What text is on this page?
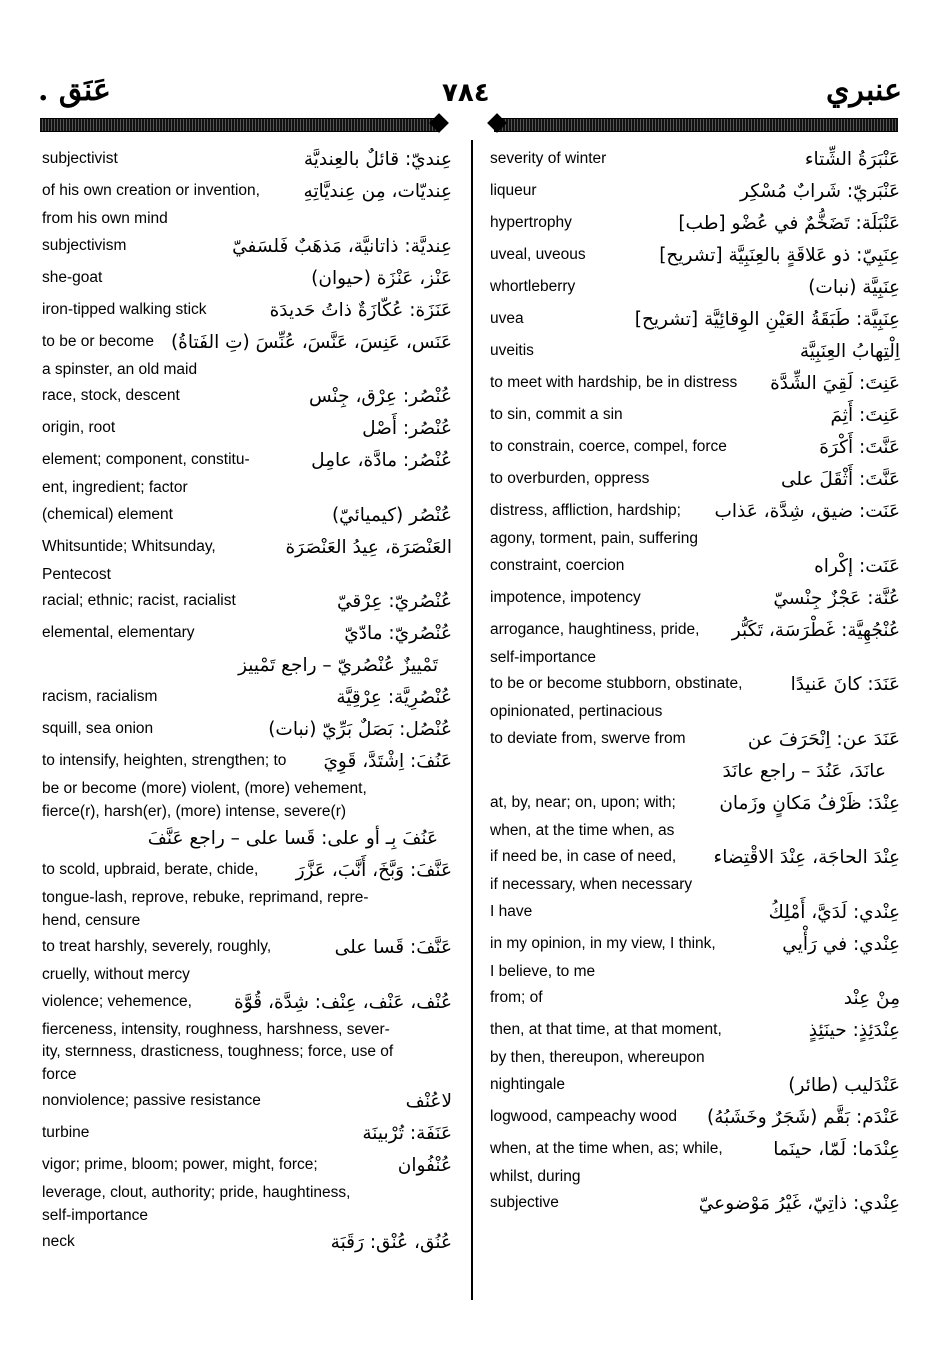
عَنَق .	٧٨٤	عنبري
عِنديّ: قائلٌ بالعِنديَّة
subjectivist
عِنديّات، مِن عِنديَّاتِهِ
of his own creation or invention,
from his own mind
عِنديَّة: ذاتانيَّة، مَذهَبٌ فَلسَفيّ
subjectivism
عَنْز، عَنْزَة (حيوان)
she-goat
عَنَزَة: عُكّازَةٌ ذاتُ حَديدَة
iron-tipped walking stick
عَنَس، عَنِسَ، عَنَّسَ، عُنِّسَ (تِ الفَتاةُ)
to be or become
a spinster, an old maid
عُنْصُر: عِرْق، جِنْس
race, stock, descent
عُنْصُر: أَصْل
origin, root
عُنْصُر: مادَّة، عامِل
element; component, constitu-
ent, ingredient; factor
عُنْصُر (كيميائيّ)
(chemical) element
العَنْصَرَة، عِيدُ العَنْصَرَة
Whitsuntide; Whitsunday,
Pentecost
عُنْصُريّ: عِرْقيّ
racial; ethnic; racist, racialist
عُنْصُريّ: مادّيّ
elemental, elementary
تَمْييزٌ عُنْصُريّ – راجع تَمْييز
عُنْصُرِيَّة: عِرْقِيَّة
racism, racialism
عُنْصُل: بَصَلٌ بَرِّيّ (نبات)
squill, sea onion
عَنُفَ: اِشْتَدَّ، قَوِيَ
to intensify, heighten, strengthen; to
be or become (more) violent, (more) vehement,
fierce(r), harsh(er), (more) intense, severe(r)
عَنُفَ بِـ أو على: قَسا على – راجع عَنَّفَ
عَنَّفَ: وَبَّخَ، أَنَّبَ، عَزَّرَ
to scold, upbraid, berate, chide,
tongue-lash, reprove, rebuke, reprimand, repre-
hend, censure
عَنَّفَ: قَسا على
to treat harshly, severely, roughly,
cruelly, without mercy
عُنْف، عَنْف، عِنْف: شِدَّة، قُوَّة
violence; vehemence,
fierceness, intensity, roughness, harshness, sever-
ity, sternness, drasticness, toughness; force, use of
force
لاعُنْف
nonviolence; passive resistance
عَنَفَة: تُرْبينَة
turbine
عُنْفُوان
vigor; prime, bloom; power, might, force;
leverage, clout, authority; pride, haughtiness,
self-importance
عُنُق، عُنْق: رَقَبَة
neck
عَنْبَرَةُ الشِّتاء
severity of winter
عَنْبَريّ: شَرابٌ مُسْكِر
liqueur
عَنْبَلَة: تَضَخُّمٌ في عُضْو [طب]
hypertrophy
عِنَبِيّ: ذو عَلاقَةٍ بالعِنَبِيَّة [تشريح]
uveal, uveous
عِنَبِيَّة (نبات)
whortleberry
عِنَبِيَّة: طَبَقَةُ العَيْنِ الوِقائِيَّة [تشريح]
uvea
اِلْتِهابُ العِنَبِيَّة
uveitis
عَنِتَ: لَقِيَ الشِّدَّة
to meet with hardship, be in distress
عَنِتَ: أَثِمَ
to sin, commit a sin
عَنَّتَ: أَكْرَهَ
to constrain, coerce, compel, force
عَنَّتَ: أَثْقَلَ على
to overburden, oppress
عَنَت: ضيق، شِدَّة، عَذاب
distress, affliction, hardship;
agony, torment, pain, suffering
عَنَت: إكْراه
constraint, coercion
عُنَّة: عَجْزٌ جِنْسيّ
impotence, impotency
عُنْجُهِيَّة: غَطْرَسَة، تَكَبُّر
arrogance, haughtiness, pride,
self-importance
عَنَدَ: كانَ عَنيدًا
to be or become stubborn, obstinate,
opinionated, pertinacious
عَنَدَ عن: اِنْحَرَفَ عن
to deviate from, swerve from
عانَدَ، عَنُدَ – راجع عانَدَ
عِنْدَ: ظَرْفُ مَكانٍ وزَمان
at, by, near; on, upon; with;
when, at the time when, as
عِنْدَ الحاجَة، عِنْدَ الاقْتِضاء
if need be, in case of need,
if necessary, when necessary
عِنْدي: لَدَيَّ، أَمْلِكُ
I have
عِنْدي: في رَأْيي
in my opinion, in my view, I think,
I believe, to me
مِنْ عِنْد
from; of
عِنْدَئِذٍ: حينَئِذٍ
then, at that time, at that moment,
by then, thereupon, whereupon
عَنْدَليب (طائر)
nightingale
عَنْدَم: بَقَّم (شَجَرٌ وخَشَبُهُ)
logwood, campeachy wood
عِنْدَما: لَمّا، حينَما
when, at the time when, as; while,
whilst, during
عِنْدي: ذاتِيّ، غَيْرُ مَوْضوعيّ
subjective
